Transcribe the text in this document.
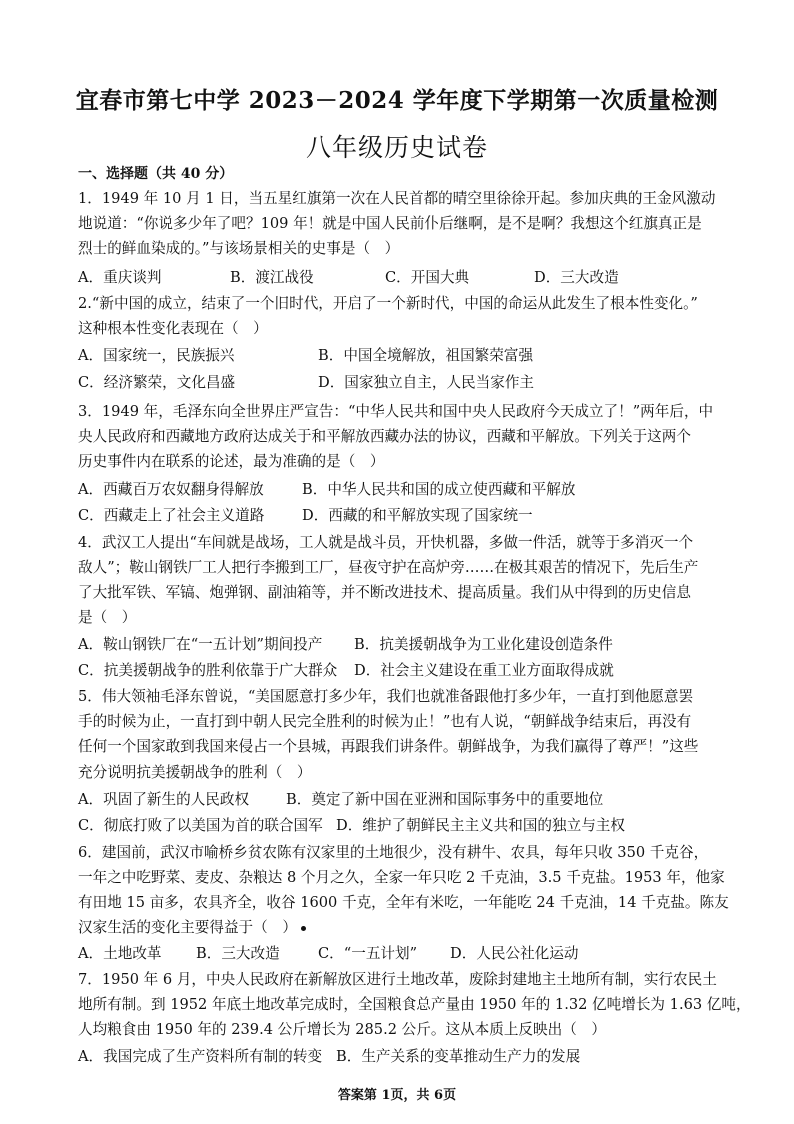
宜春市第七中学 2023－2024 学年度下学期第一次质量检测
八年级历史试卷
一、选择题（共 40 分）
1．1949 年 10 月 1 日，当五星红旗第一次在人民首都的晴空里徐徐开起。参加庆典的王金风激动
地说道：“你说多少年了吧？109 年！就是中国人民前仆后继啊，是不是啊？我想这个红旗真正是
烈士的鲜血染成的。”与该场景相关的史事是（　）
A．重庆谈判	B．渡江战役	C．开国大典	D．三大改造
2.“新中国的成立，结束了一个旧时代，开启了一个新时代，中国的命运从此发生了根本性变化。”
这种根本性变化表现在（　）
A．国家统一，民族振兴	B．中国全境解放，祖国繁荣富强
C．经济繁荣，文化昌盛	D．国家独立自主，人民当家作主
3．1949 年，毛泽东向全世界庄严宣告：“中华人民共和国中央人民政府今天成立了！”两年后，中
央人民政府和西藏地方政府达成关于和平解放西藏办法的协议，西藏和平解放。下列关于这两个
历史事件内在联系的论述，最为准确的是（　）
A．西藏百万农奴翻身得解放	B．中华人民共和国的成立使西藏和平解放
C．西藏走上了社会主义道路	D．西藏的和平解放实现了国家统一
4．武汉工人提出“车间就是战场，工人就是战斗员，开快机器，多做一件活，就等于多消灭一个
敌人”；鞍山钢铁厂工人把行李搬到工厂，昼夜守护在高炉旁……在极其艰苦的情况下，先后生产
了大批军铁、军镐、炮弹钢、副油箱等，并不断改进技术、提高质量。我们从中得到的历史信息
是（　）
A．鞍山钢铁厂在“一五计划”期间投产 B．抗美援朝战争为工业化建设创造条件
C．抗美援朝战争的胜利依靠于广大群众 D．社会主义建设在重工业方面取得成就
5．伟大领袖毛泽东曾说，“美国愿意打多少年，我们也就准备跟他打多少年，一直打到他愿意罢
手的时候为止，一直打到中朝人民完全胜利的时候为止！”也有人说，“朝鲜战争结束后，再没有
任何一个国家敢到我国来侵占一个县城，再跟我们讲条件。朝鲜战争，为我们赢得了尊严！”这些
充分说明抗美援朝战争的胜利（　）
A．巩固了新生的人民政权	B．奠定了新中国在亚洲和国际事务中的重要地位
C．彻底打败了以美国为首的联合国军 D．维护了朝鲜民主主义共和国的独立与主权
6．建国前，武汉市喻桥乡贫农陈有汉家里的土地很少，没有耕牛、农具，每年只收 350 千克谷，
一年之中吃野菜、麦皮、杂粮达 8 个月之久，全家一年只吃 2 千克油，3.5 千克盐。1953 年，他家
有田地 15 亩多，农具齐全，收谷 1600 千克，全年有米吃，一年能吃 24 千克油，14 千克盐。陈友
汉家生活的变化主要得益于（　）
A．土地改革 B．三大改造	C．“一五计划” D．人民公社化运动
7．1950 年 6 月，中央人民政府在新解放区进行土地改革，废除封建地主土地所有制，实行农民土
地所有制。到 1952 年底土地改革完成时，全国粮食总产量由 1950 年的 1.32 亿吨增长为 1.63 亿吨，
人均粮食由 1950 年的 239.4 公斤增长为 285.2 公斤。这从本质上反映出（　）
A．我国完成了生产资料所有制的转变 B．生产关系的变革推动生产力的发展
答案第 1页，共 6页
